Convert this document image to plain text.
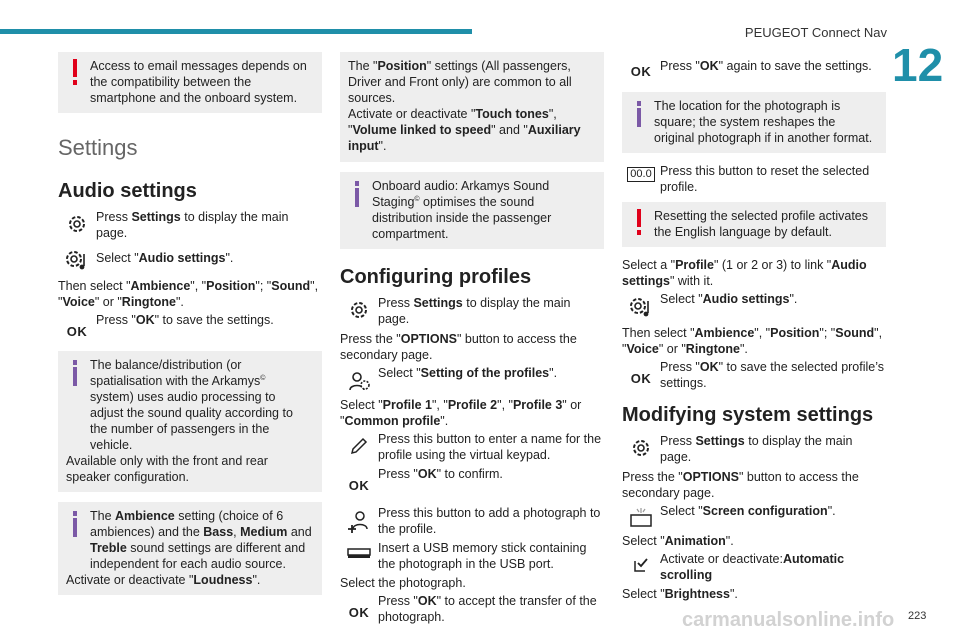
PEUGEOT Connect Nav
12
Access to email messages depends on the compatibility between the smartphone and the onboard system.
Settings
Audio settings
Press Settings to display the main page.
Select "Audio settings".
Then select "Ambience", "Position"; "Sound", "Voice" or "Ringtone".
OK
Press "OK" to save the settings.
The balance/distribution (or spatialisation with the Arkamys© system) uses audio processing to adjust the sound quality according to the number of passengers in the vehicle.
Available only with the front and rear speaker configuration.
The Ambience setting (choice of 6 ambiences) and the Bass, Medium and Treble sound settings are different and independent for each audio source.
Activate or deactivate "Loudness".
The "Position" settings (All passengers, Driver and Front only) are common to all sources.
Activate or deactivate "Touch tones", "Volume linked to speed" and "Auxiliary input".
Onboard audio: Arkamys Sound Staging© optimises the sound distribution inside the passenger compartment.
Configuring profiles
Press Settings to display the main page.
Press the "OPTIONS" button to access the secondary page.
Select "Setting of the profiles".
Select "Profile 1", "Profile 2", "Profile 3" or "Common profile".
Press this button to enter a name for the profile using the virtual keypad.
OK
Press "OK" to confirm.
Press this button to add a photograph to the profile.
Insert a USB memory stick containing the photograph in the USB port.
Select the photograph.
OK
Press "OK" to accept the transfer of the photograph.
OK Press "OK" again to save the settings.
The location for the photograph is square; the system reshapes the original photograph if in another format.
00.0 Press this button to reset the selected profile.
Resetting the selected profile activates the English language by default.
Select a "Profile" (1 or 2 or 3) to link "Audio settings" with it.
Select "Audio settings".
Then select "Ambience", "Position"; "Sound", "Voice" or "Ringtone".
OK
Press "OK" to save the selected profile’s settings.
Modifying system settings
Press Settings to display the main page.
Press the "OPTIONS" button to access the secondary page.
Select "Screen configuration".
Select "Animation".
Activate or deactivate:Automatic scrolling
Select "Brightness".
carmanualsonline.info 223
